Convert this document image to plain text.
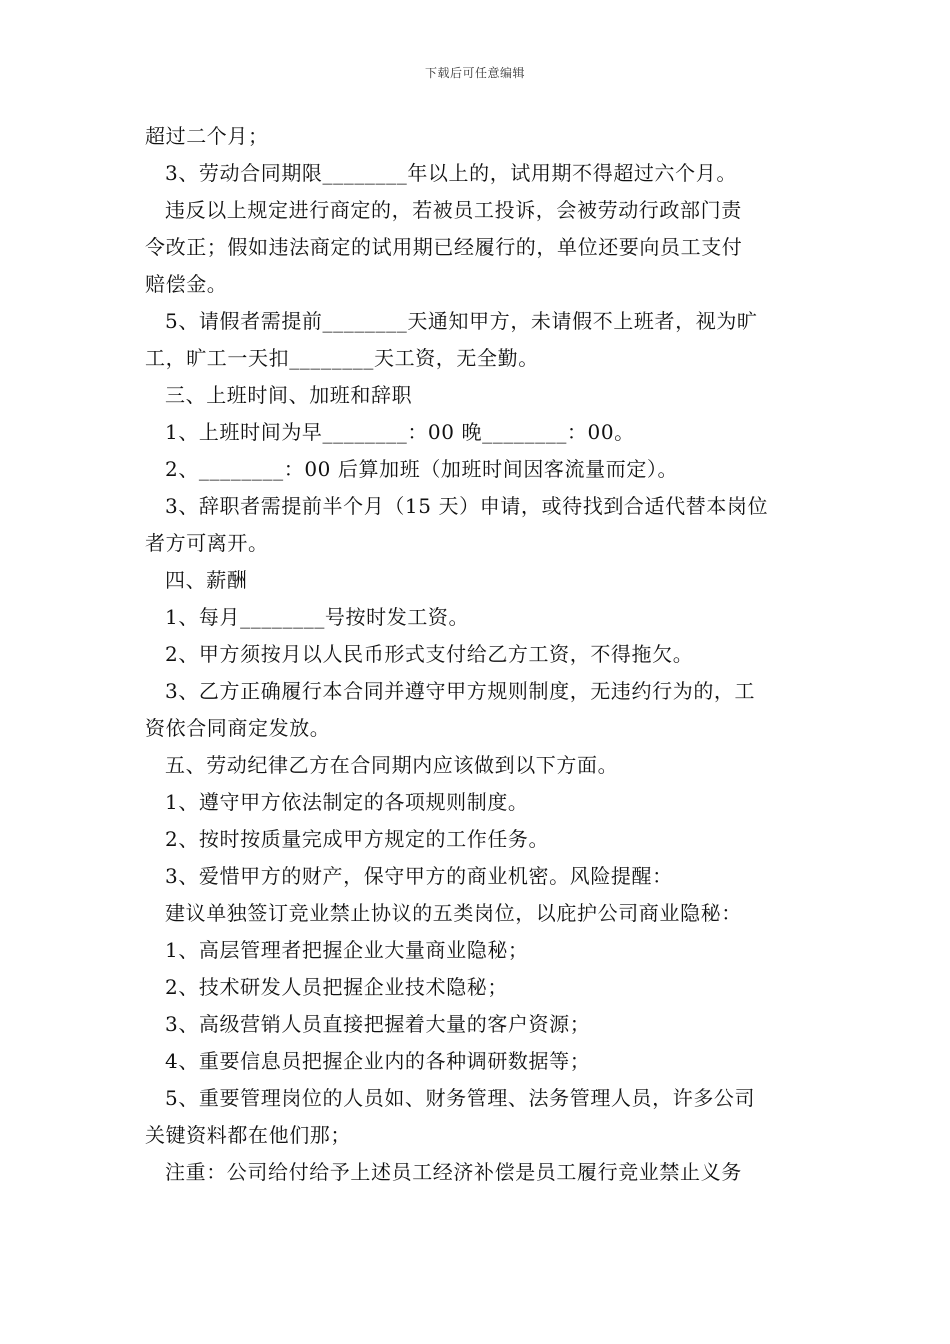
下载后可任意编辑
超过二个月；
3、劳动合同期限________年以上的，试用期不得超过六个月。
违反以上规定进行商定的，若被员工投诉，会被劳动行政部门责
令改正；假如违法商定的试用期已经履行的，单位还要向员工支付
赔偿金。
5、请假者需提前________天通知甲方，未请假不上班者，视为旷
工，旷工一天扣________天工资，无全勤。
三、上班时间、加班和辞职
1、上班时间为早________：00 晚________：00。
2、________：00 后算加班（加班时间因客流量而定）。
3、辞职者需提前半个月（15 天）申请，或待找到合适代替本岗位
者方可离开。
四、薪酬
1、每月________号按时发工资。
2、甲方须按月以人民币形式支付给乙方工资，不得拖欠。
3、乙方正确履行本合同并遵守甲方规则制度，无违约行为的，工
资依合同商定发放。
五、劳动纪律乙方在合同期内应该做到以下方面。
1、遵守甲方依法制定的各项规则制度。
2、按时按质量完成甲方规定的工作任务。
3、爱惜甲方的财产，保守甲方的商业机密。风险提醒：
建议单独签订竞业禁止协议的五类岗位，以庇护公司商业隐秘：
1、高层管理者把握企业大量商业隐秘；
2、技术研发人员把握企业技术隐秘；
3、高级营销人员直接把握着大量的客户资源；
4、重要信息员把握企业内的各种调研数据等；
5、重要管理岗位的人员如、财务管理、法务管理人员，许多公司
关键资料都在他们那；
注重：公司给付给予上述员工经济补偿是员工履行竞业禁止义务
